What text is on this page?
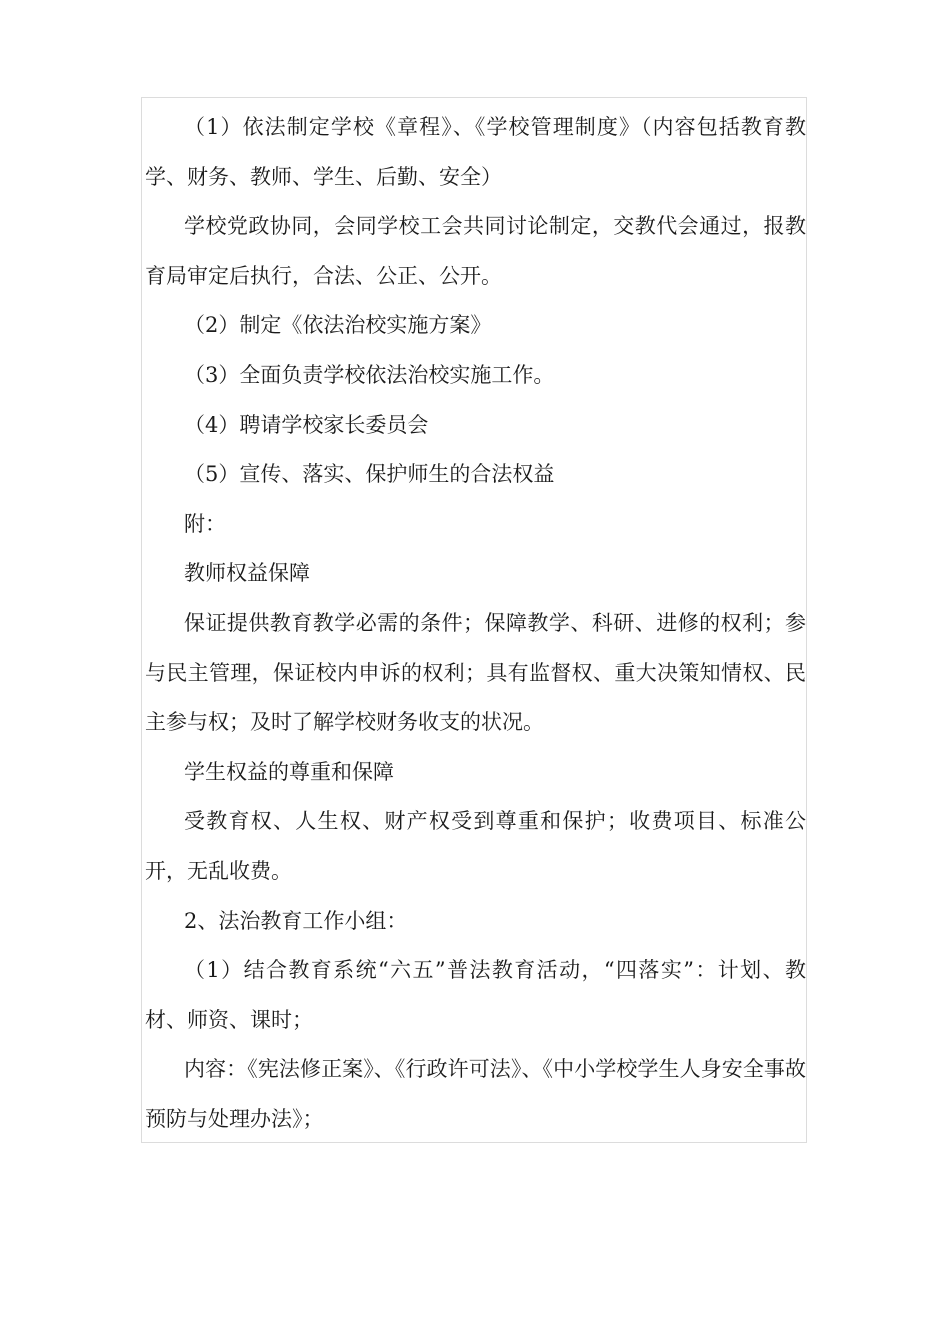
（1）依法制定学校《章程》、《学校管理制度》（内容包括教育教学、财务、教师、学生、后勤、安全）

学校党政协同，会同学校工会共同讨论制定，交教代会通过，报教育局审定后执行，合法、公正、公开。

（2）制定《依法治校实施方案》

（3）全面负责学校依法治校实施工作。

（4）聘请学校家长委员会

（5）宣传、落实、保护师生的合法权益

附：

教师权益保障

保证提供教育教学必需的条件；保障教学、科研、进修的权利；参与民主管理，保证校内申诉的权利；具有监督权、重大决策知情权、民主参与权；及时了解学校财务收支的状况。

学生权益的尊重和保障

受教育权、人生权、财产权受到尊重和保护；收费项目、标准公开，无乱收费。

2、法治教育工作小组：

（1）结合教育系统“六五”普法教育活动，“四落实”：计划、教材、师资、课时；

内容：《宪法修正案》、《行政许可法》、《中小学校学生人身安全事故预防与处理办法》；
